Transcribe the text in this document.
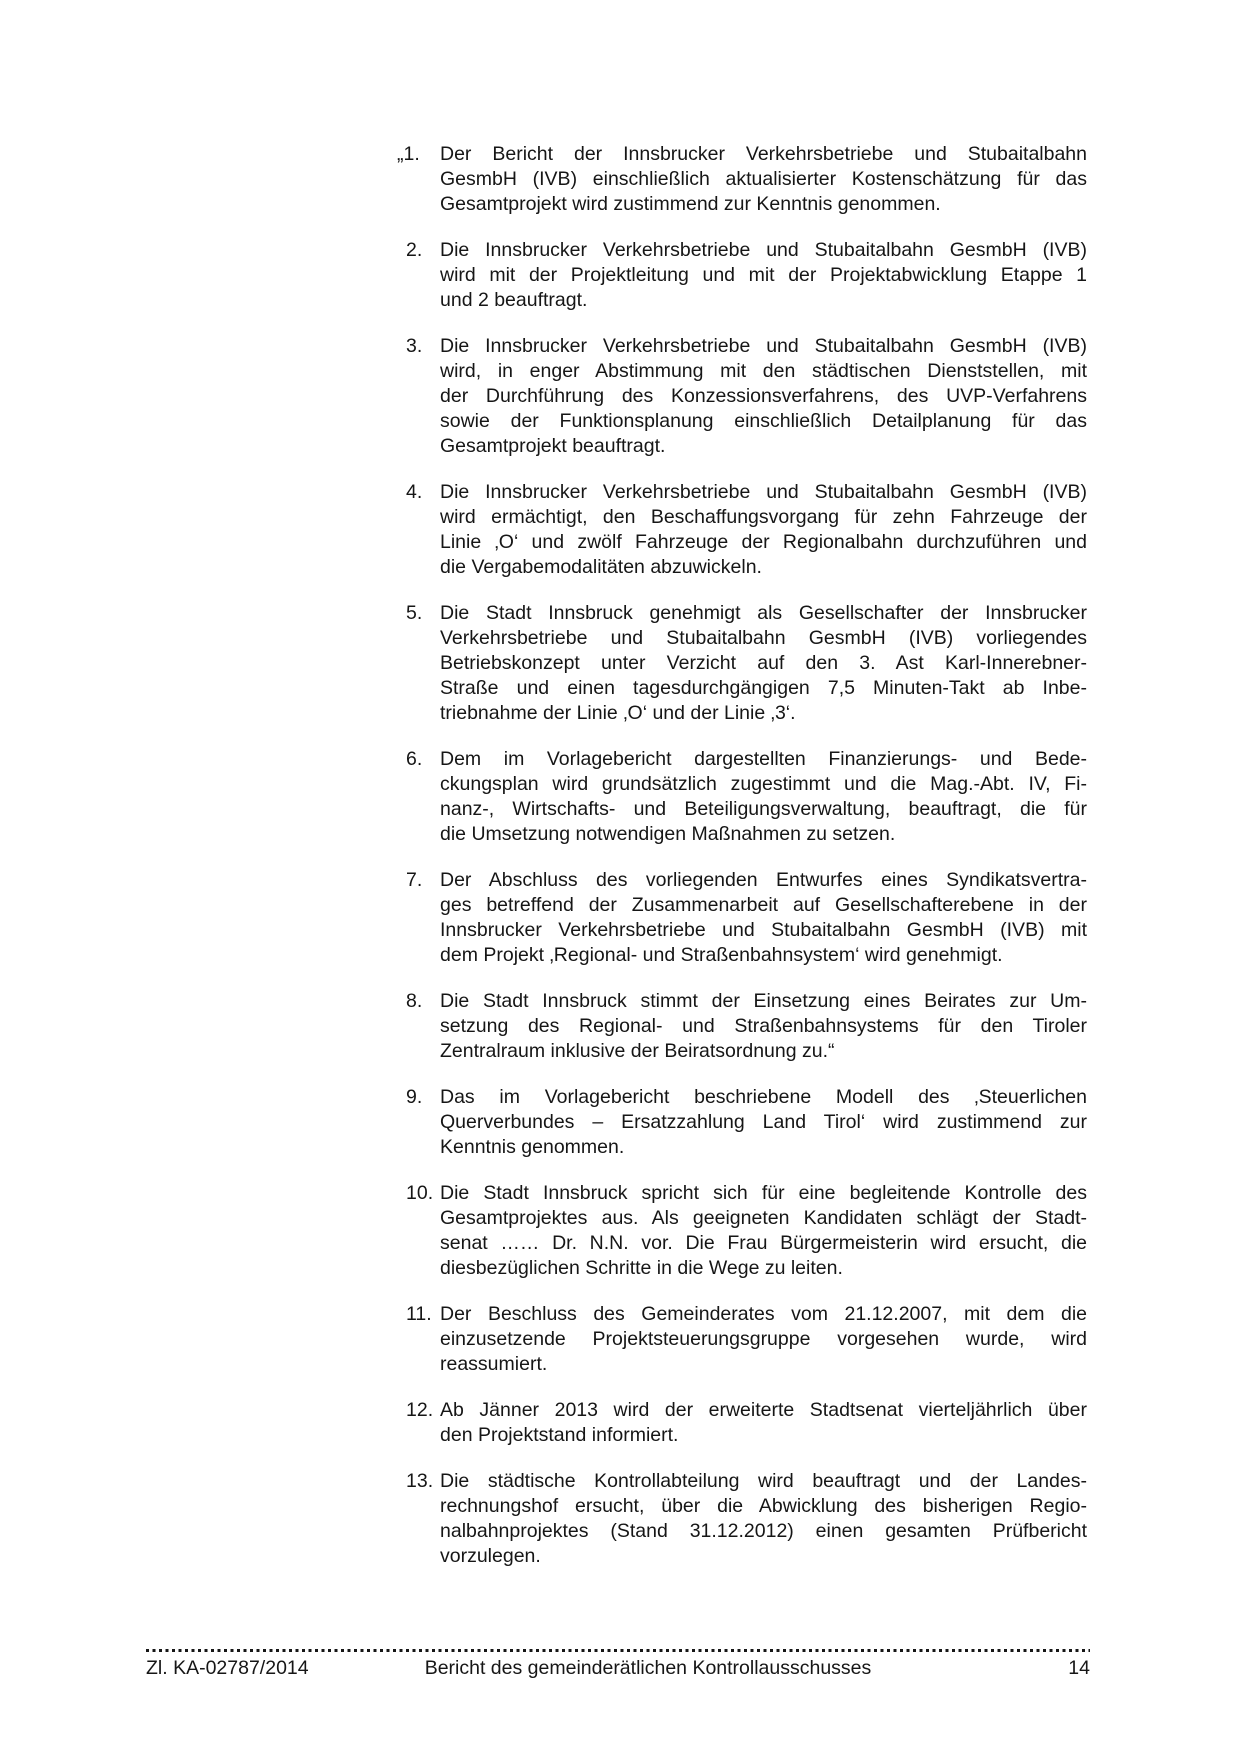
„1.	Der Bericht der Innsbrucker Verkehrsbetriebe und Stubaitalbahn
GesmbH (IVB) einschließlich aktualisierter Kostenschätzung für das
Gesamtprojekt wird zustimmend zur Kenntnis genommen.
2. Die Innsbrucker Verkehrsbetriebe und Stubaitalbahn GesmbH (IVB)
wird mit der Projektleitung und mit der Projektabwicklung Etappe 1
und 2 beauftragt.
3. Die Innsbrucker Verkehrsbetriebe und Stubaitalbahn GesmbH (IVB)
wird, in enger Abstimmung mit den städtischen Dienststellen, mit
der Durchführung des Konzessionsverfahrens, des UVP-Verfahrens
sowie der Funktionsplanung einschließlich Detailplanung für das
Gesamtprojekt beauftragt.
4. Die Innsbrucker Verkehrsbetriebe und Stubaitalbahn GesmbH (IVB)
wird ermächtigt, den Beschaffungsvorgang für zehn Fahrzeuge der
Linie ‚O‘ und zwölf Fahrzeuge der Regionalbahn durchzuführen und
die Vergabemodalitäten abzuwickeln.
5. Die Stadt Innsbruck genehmigt als Gesellschafter der Innsbrucker
Verkehrsbetriebe und Stubaitalbahn GesmbH (IVB) vorliegendes
Betriebskonzept unter Verzicht auf den 3. Ast Karl-Innerebner-
Straße und einen tagesdurchgängigen 7,5 Minuten-Takt ab Inbe-
triebnahme der Linie ‚O‘ und der Linie ‚3‘.
6. Dem im Vorlagebericht dargestellten Finanzierungs- und Bede-
ckungsplan wird grundsätzlich zugestimmt und die Mag.-Abt. IV, Fi-
nanz-, Wirtschafts- und Beteiligungsverwaltung, beauftragt, die für
die Umsetzung notwendigen Maßnahmen zu setzen.
7. Der Abschluss des vorliegenden Entwurfes eines Syndikatsvertra-
ges betreffend der Zusammenarbeit auf Gesellschafterebene in der
Innsbrucker Verkehrsbetriebe und Stubaitalbahn GesmbH (IVB) mit
dem Projekt ‚Regional- und Straßenbahnsystem‘ wird genehmigt.
8. Die Stadt Innsbruck stimmt der Einsetzung eines Beirates zur Um-
setzung des Regional- und Straßenbahnsystems für den Tiroler
Zentralraum inklusive der Beiratsordnung zu.“
9. Das im Vorlagebericht beschriebene Modell des ‚Steuerlichen
Querverbundes – Ersatzzahlung Land Tirol‘ wird zustimmend zur
Kenntnis genommen.
10. Die Stadt Innsbruck spricht sich für eine begleitende Kontrolle des
Gesamtprojektes aus. Als geeigneten Kandidaten schlägt der Stadt-
senat …… Dr. N.N. vor. Die Frau Bürgermeisterin wird ersucht, die
diesbezüglichen Schritte in die Wege zu leiten.
11. Der Beschluss des Gemeinderates vom 21.12.2007, mit dem die
einzusetzende Projektsteuerungsgruppe vorgesehen wurde, wird
reassumiert.
12. Ab Jänner 2013 wird der erweiterte Stadtsenat vierteljährlich über
den Projektstand informiert.
13. Die städtische Kontrollabteilung wird beauftragt und der Landes-
rechnungshof ersucht, über die Abwicklung des bisherigen Regio-
nalbahnprojektes (Stand 31.12.2012) einen gesamten Prüfbericht
vorzulegen.
Zl. KA-02787/2014	Bericht des gemeinderätlichen Kontrollausschusses	14
